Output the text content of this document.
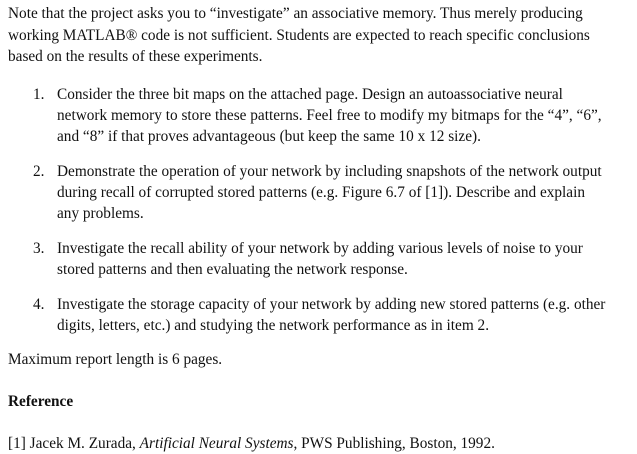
Note that the project asks you to “investigate” an associative memory. Thus merely producing
working MATLAB® code is not sufficient. Students are expected to reach specific conclusions
based on the results of these experiments.
1. Consider the three bit maps on the attached page. Design an autoassociative neural
network memory to store these patterns. Feel free to modify my bitmaps for the “4”, “6”,
and “8” if that proves advantageous (but keep the same 10 x 12 size).
2. Demonstrate the operation of your network by including snapshots of the network output
during recall of corrupted stored patterns (e.g. Figure 6.7 of [1]). Describe and explain
any problems.
3. Investigate the recall ability of your network by adding various levels of noise to your
stored patterns and then evaluating the network response.
4. Investigate the storage capacity of your network by adding new stored patterns (e.g. other
digits, letters, etc.) and studying the network performance as in item 2.
Maximum report length is 6 pages.
Reference
[1] Jacek M. Zurada, Artificial Neural Systems, PWS Publishing, Boston, 1992.
